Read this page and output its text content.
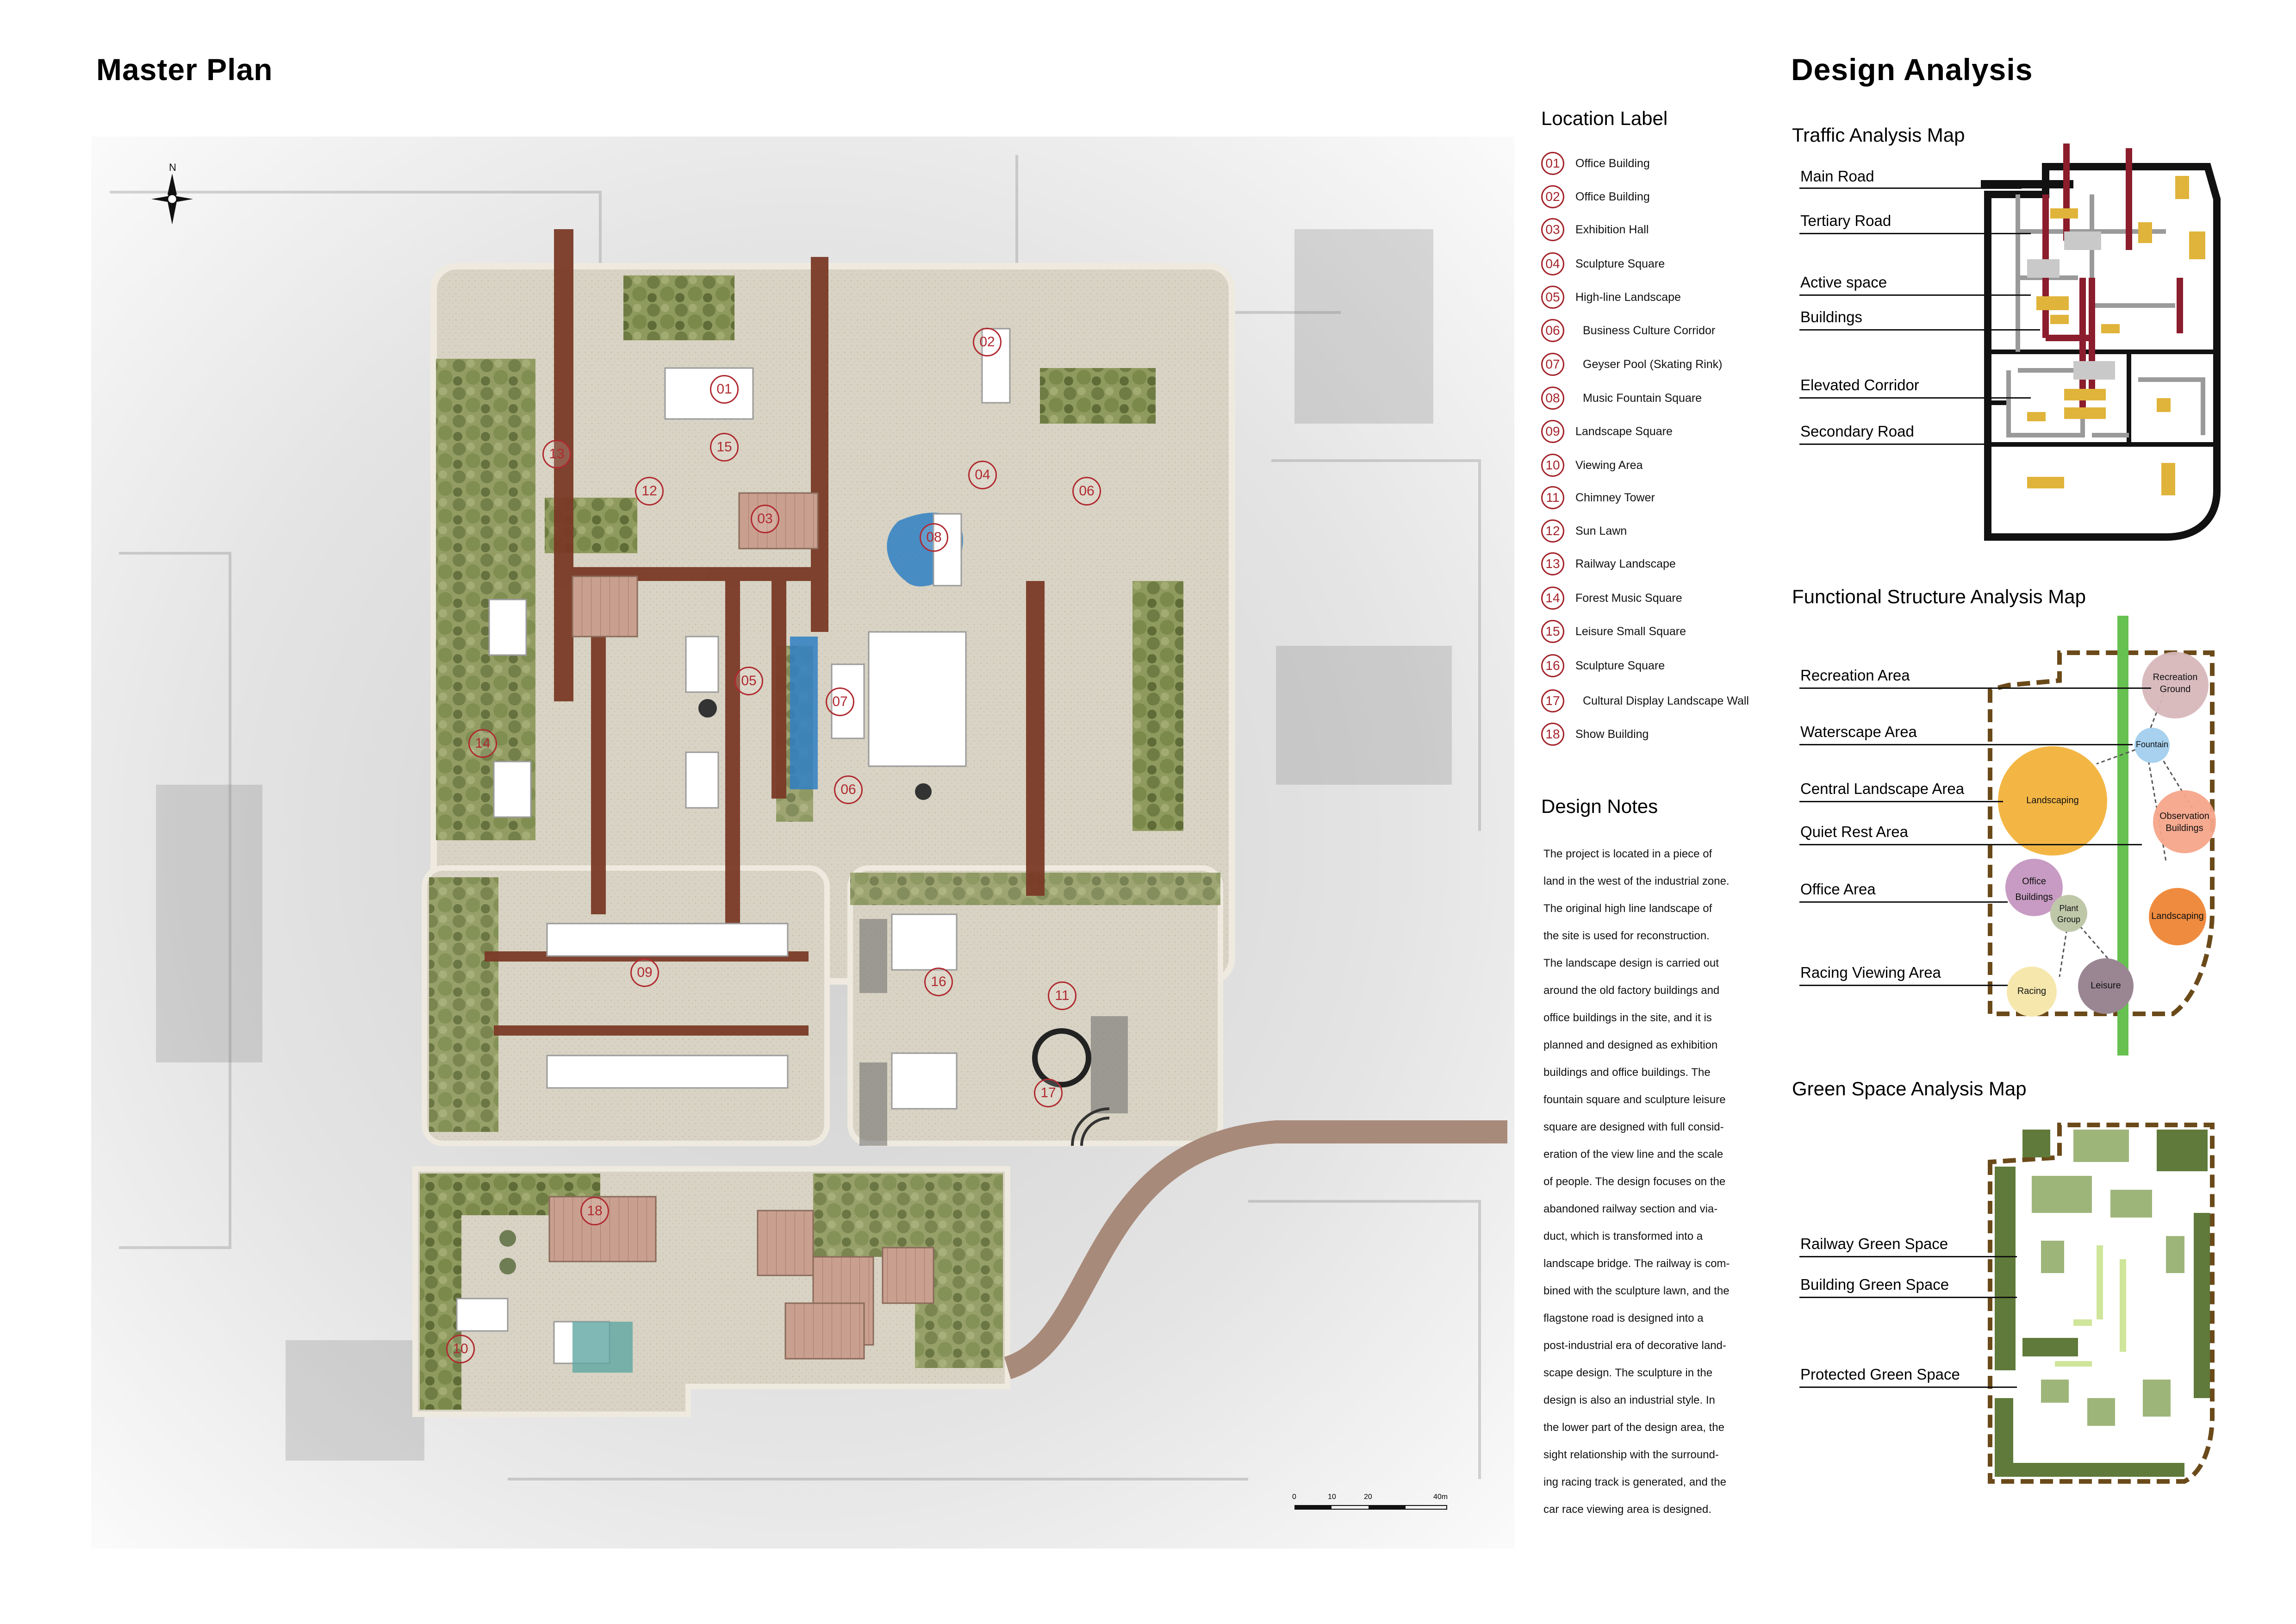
Master Plan	Design Analysis
N
0	10	20	40m
01
02
03
04
05
06
06
07
08
09
10
11
12
13
14
15
16
17
18
Location Label
01	Office Building
02	Office Building
03	Exhibition Hall
04	Sculpture Square
05	High-line Landscape
06	Business Culture Corridor
07	Geyser Pool (Skating Rink)
08	Music Fountain Square
09	Landscape Square
10	Viewing Area
11	Chimney Tower
12	Sun Lawn
13	Railway Landscape
14	Forest Music Square
15	Leisure Small Square
16	Sculpture Square
17	Cultural Display Landscape Wall
18	Show Building
Design Notes

The project is located in a piece of

land in the west of the industrial zone.

The original high line landscape of

the site is used for reconstruction.

The landscape design is carried out

around the old factory buildings and

office buildings in the site, and it is

planned and designed as exhibition

buildings and office buildings. The

fountain square and sculpture leisure

square are designed with full consid-

eration of the view line and the scale

of people. The design focuses on the

abandoned railway section and via-

duct, which is transformed into a

landscape bridge. The railway is com-

bined with the sculpture lawn, and the

flagstone road is designed into a

post-industrial era of decorative land-

scape design. The sculpture in the

design is also an industrial style. In

the lower part of the design area, the

sight relationship with the surround-

ing racing track is generated, and the

car race viewing area is designed.

Traffic Analysis Map
Main Road
Tertiary Road
Active space
Buildings
Elevated Corridor
Secondary Road
Functional Structure Analysis Map
Recreation
Ground
Fountain
Landscaping
Observation
Buildings
Office
Buildings
Plant
Group	Landscaping
Racing
Leisure
Recreation Area
Waterscape Area
Central Landscape Area
Quiet Rest Area
Office Area
Racing Viewing Area
Green Space Analysis Map
Railway Green Space
Building Green Space
Protected Green Space
